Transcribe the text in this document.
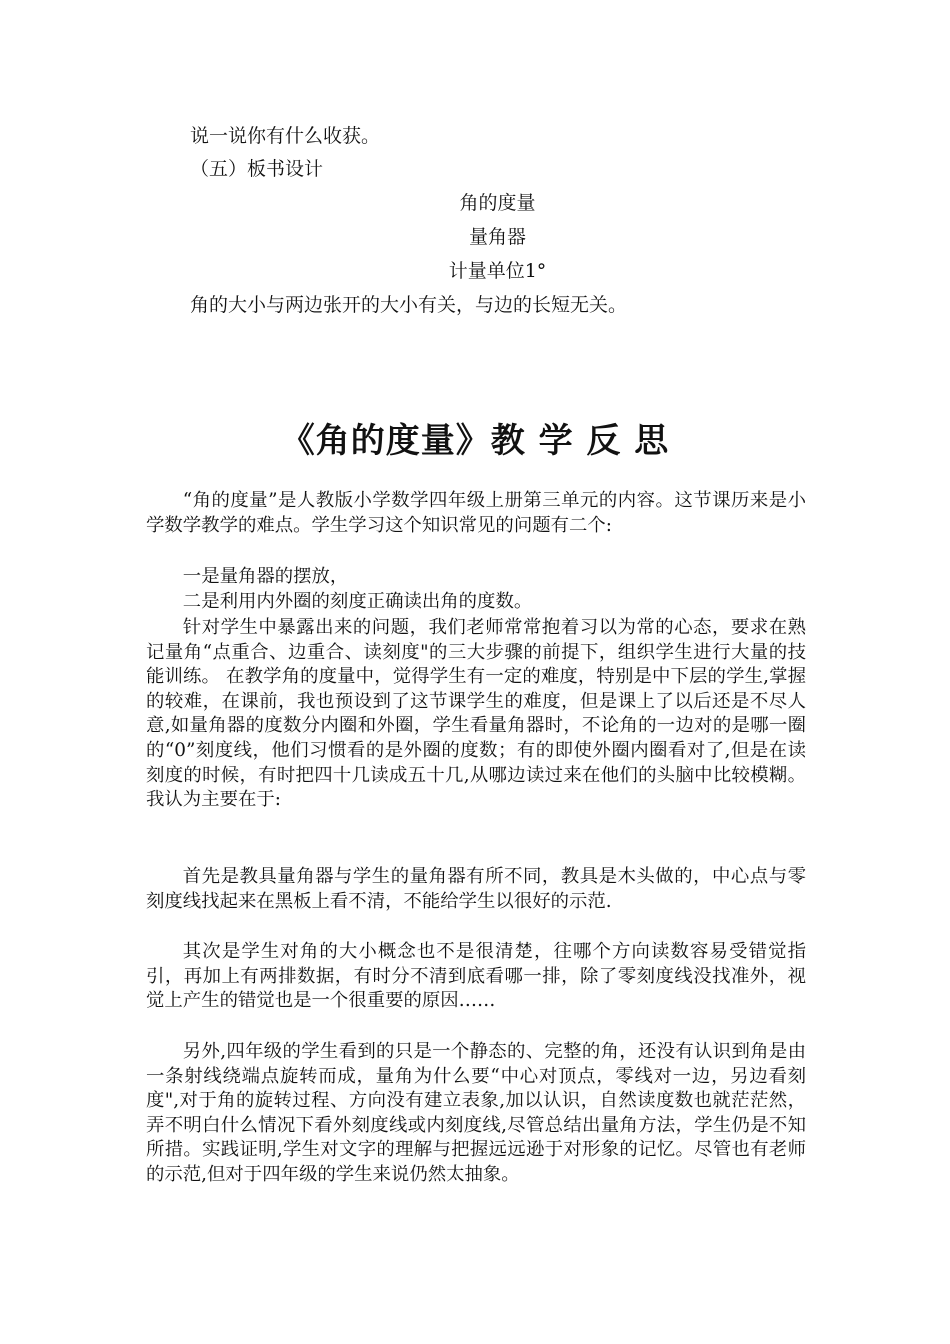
说一说你有什么收获。
（五）板书设计
角的度量
量角器
计量单位1°
角的大小与两边张开的大小有关，与边的长短无关。
《角的度量》教 学 反 思
“角的度量”是人教版小学数学四年级上册第三单元的内容。这节课历来是小学数学教学的难点。学生学习这个知识常见的问题有二个:
一是量角器的摆放，
二是利用内外圈的刻度正确读出角的度数。
针对学生中暴露出来的问题，我们老师常常抱着习以为常的心态，要求在熟记量角“点重合、边重合、读刻度"的三大步骤的前提下，组织学生进行大量的技能训练。 在教学角的度量中，觉得学生有一定的难度，特别是中下层的学生,掌握的较难，在课前，我也预设到了这节课学生的难度，但是课上了以后还是不尽人意,如量角器的度数分内圈和外圈，学生看量角器时，不论角的一边对的是哪一圈的“0”刻度线，他们习惯看的是外圈的度数；有的即使外圈内圈看对了,但是在读刻度的时候，有时把四十几读成五十几,从哪边读过来在他们的头脑中比较模糊。我认为主要在于:
首先是教具量角器与学生的量角器有所不同，教具是木头做的，中心点与零刻度线找起来在黑板上看不清，不能给学生以很好的示范.
其次是学生对角的大小概念也不是很清楚，往哪个方向读数容易受错觉指引，再加上有两排数据，有时分不清到底看哪一排，除了零刻度线没找准外，视觉上产生的错觉也是一个很重要的原因……
另外,四年级的学生看到的只是一个静态的、完整的角，还没有认识到角是由一条射线绕端点旋转而成，量角为什么要“中心对顶点，零线对一边，另边看刻度",对于角的旋转过程、方向没有建立表象,加以认识，自然读度数也就茫茫然，弄不明白什么情况下看外刻度线或内刻度线,尽管总结出量角方法，学生仍是不知所措。实践证明,学生对文字的理解与把握远远逊于对形象的记忆。尽管也有老师的示范,但对于四年级的学生来说仍然太抽象。
